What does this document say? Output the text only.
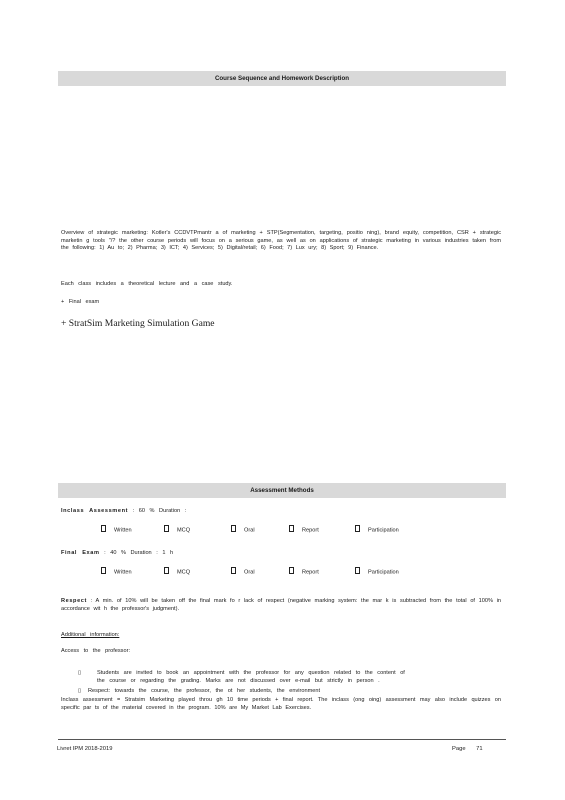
Course Sequence and Homework Description
Overview of strategic marketing: Kotler's CCDVTPmantr a of marketing + STP(Segmentation, targeting, positio ning), brand equity, competition, CSR + strategic marketin g tools "/? the other course periods will focus on a serious game, as well as on applications of strategic marketing in various industries taken from the following: 1) Au to; 2) Pharma; 3) ICT; 4) Services; 5) Digital/retail; 6) Food; 7) Lux ury; 8) Sport; 9) Finance.
Each class includes a theoretical lecture and a case study.
+ Final exam
+ StratSim Marketing Simulation Game
Assessment Methods
Inclass Assessment : 60 % Duration :
Written	MCQ	Oral	Report	Participation
Final Exam : 40 % Duration : 1 h
Written	MCQ	Oral	Report	Participation
Respect : A min. of 10% will be taken off the final mark fo r lack of respect (negative marking system: the mar k is subtracted from the total of 100% in accordance wit h the professor's judgment).
Additional information:
Access to the professor:
▯	Students are invited to book an appointment with the professor for any question related to the content of
the course or regarding the grading. Marks are not discussed over e-mail but strictly in person .
▯ Respect: towards the course, the professor, the ot her students, the environment
Inclass assessment = Stratsim Marketing played throu gh 10 time periods + final report. The inclass (ong oing) assessment may also include quizzes on specific par ts of the material covered in the program. 10% are My Market Lab Exercises.
Livret IPM 2018-2019	Page 71
